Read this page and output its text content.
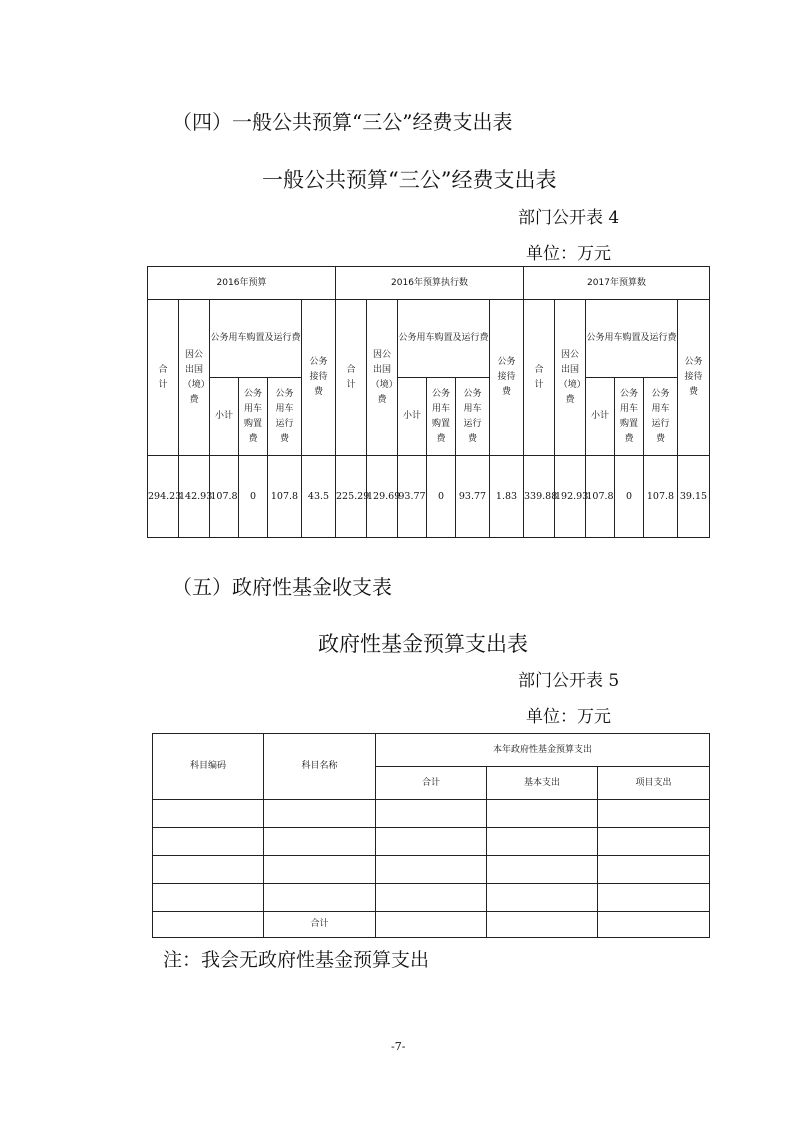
（四）一般公共预算“三公”经费支出表
一般公共预算“三公”经费支出表
部门公开表 4
单位：万元
2016年预算						2016年预算执行数						2017年预算数					
合计	因公出国（境）费	公务用车购置及运行费			公务接待费	合计	因公出国（境）费	公务用车购置及运行费			公务接待费	合计	因公出国（境）费	公务用车购置及运行费			公务接待费
		小计	公务用车购置费	公务用车运行费				小计	公务用车购置费	公务用车运行费				小计	公务用车购置费	公务用车运行费	
294.23	142.93	107.8	0	107.8	43.5	225.29	129.69	93.77	0	93.77	1.83	339.88	192.93	107.8	0	107.8	39.15
（五）政府性基金收支表
政府性基金预算支出表
部门公开表 5
单位：万元
科目编码	科目名称	本年政府性基金预算支出		
		合计	基本支出	项目支出

	合计			
注：我会无政府性基金预算支出
-7-
